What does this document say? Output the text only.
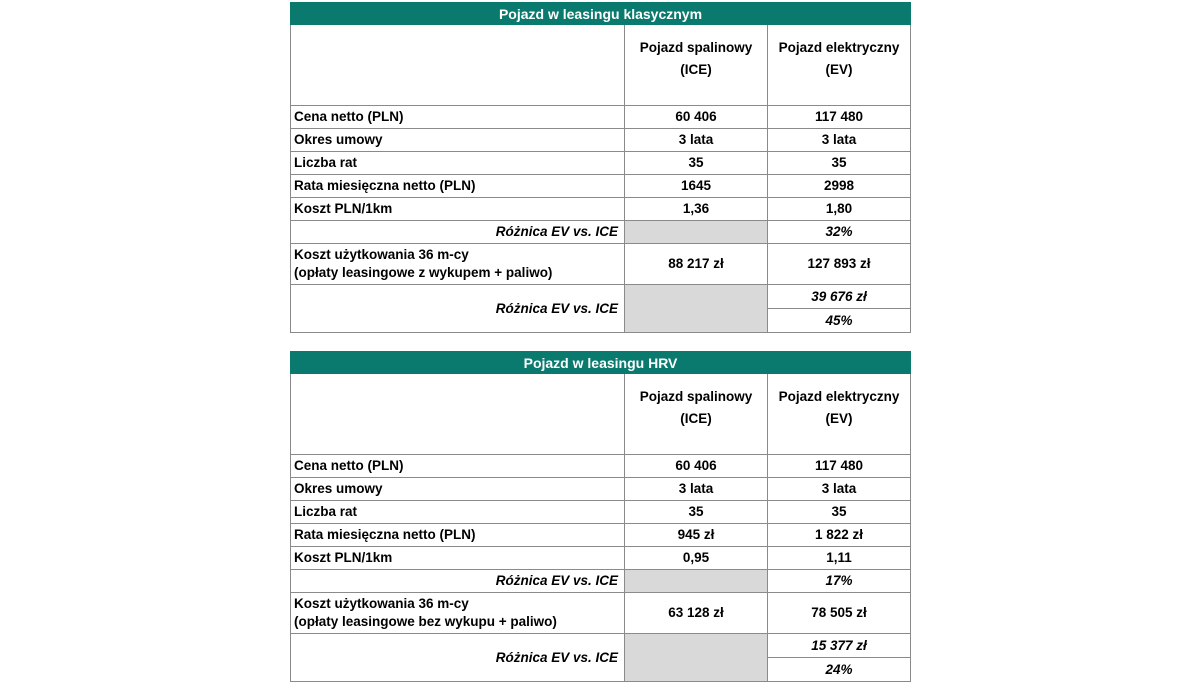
Pojazd w leasingu klasycznym		
	Pojazd spalinowy (ICE)	Pojazd elektryczny (EV)
Cena netto (PLN)	60 406	117 480
Okres umowy	3 lata	3 lata
Liczba rat	35	35
Rata miesięczna netto (PLN)	1645	2998
Koszt PLN/1km	1,36	1,80
Różnica EV vs. ICE		32%
Koszt użytkowania 36 m-cy
(opłaty leasingowe z wykupem + paliwo)	88 217 zł	127 893 zł
Różnica EV vs. ICE		39 676 zł
		45%
Pojazd w leasingu HRV		
	Pojazd spalinowy (ICE)	Pojazd elektryczny (EV)
Cena netto (PLN)	60 406	117 480
Okres umowy	3 lata	3 lata
Liczba rat	35	35
Rata miesięczna netto (PLN)	945 zł	1 822 zł
Koszt PLN/1km	0,95	1,11
Różnica EV vs. ICE		17%
Koszt użytkowania 36 m-cy
(opłaty leasingowe bez wykupu + paliwo)	63 128 zł	78 505 zł
Różnica EV vs. ICE		15 377 zł
		24%
